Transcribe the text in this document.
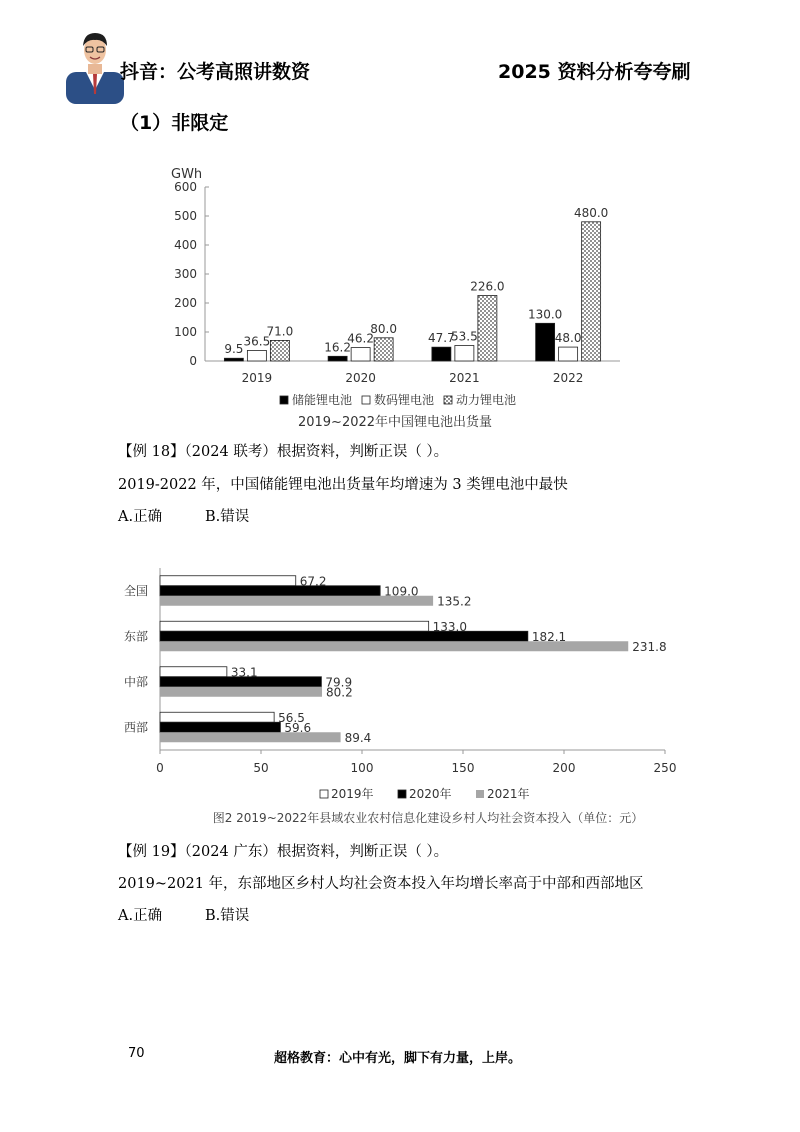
抖音：公考高照讲数资	2025 资料分析夸夸刷
（1）非限定
0
100
200
300
400
500
600
9.5
36.5
71.0
2019
16.2
46.2
80.0
2020
47.7
53.5
226.0
2021
130.0
48.0
480.0
2022
GWh
储能锂电池 数码锂电池 动力锂电池
2019~2022年中国锂电池出货量
【例 18】（2024 联考）根据资料，判断正误（ ）。
2019-2022 年，中国储能锂电池出货量年均增速为 3 类锂电池中最快
A.正确	B.错误
0	50	100	150	200	250
67.2
109.0
135.2
全国
133.0
182.1
231.8
东部
33.1
79.9
80.2
中部
56.5
59.6
89.4
西部
2019年	2020年	2021年
图2 2019~2022年县域农业农村信息化建设乡村人均社会资本投入（单位：元）
【例 19】（2024 广东）根据资料，判断正误（ ）。
2019~2021 年，东部地区乡村人均社会资本投入年均增长率高于中部和西部地区
A.正确	B.错误
70	超格教育：心中有光，脚下有力量，上岸。
